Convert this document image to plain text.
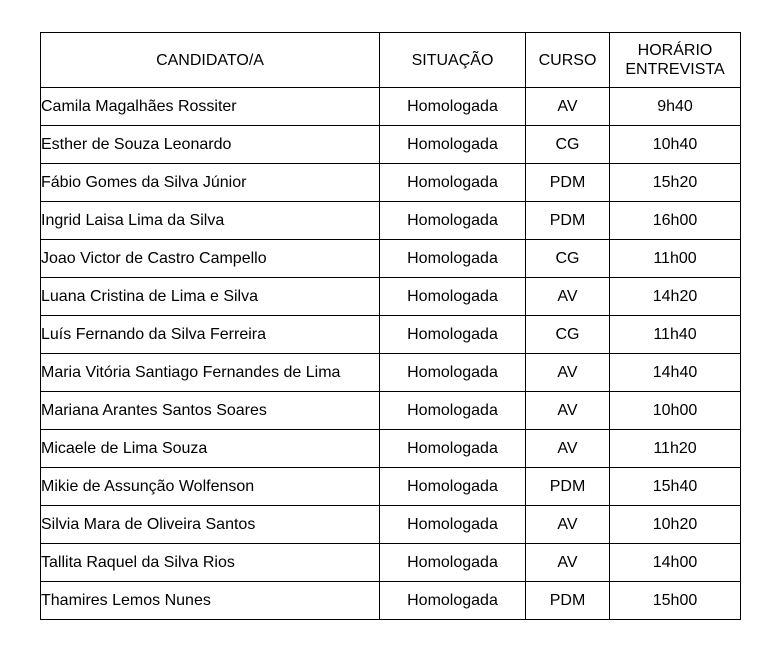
CANDIDATO/A	SITUAÇÃO	CURSO	HORÁRIO
ENTREVISTA

Camila Magalhães Rossiter	Homologada	AV	9h40
Esther de Souza Leonardo	Homologada	CG	10h40
Fábio Gomes da Silva Júnior	Homologada	PDM	15h20
Ingrid Laisa Lima da Silva	Homologada	PDM	16h00
Joao Victor de Castro Campello	Homologada	CG	11h00
Luana Cristina de Lima e Silva	Homologada	AV	14h20
Luís Fernando da Silva Ferreira	Homologada	CG	11h40
Maria Vitória Santiago Fernandes de Lima	Homologada	AV	14h40
Mariana Arantes Santos Soares	Homologada	AV	10h00
Micaele de Lima Souza	Homologada	AV	11h20
Mikie de Assunção Wolfenson	Homologada	PDM	15h40
Silvia Mara de Oliveira Santos	Homologada	AV	10h20
Tallita Raquel da Silva Rios	Homologada	AV	14h00
Thamires Lemos Nunes	Homologada	PDM	15h00
